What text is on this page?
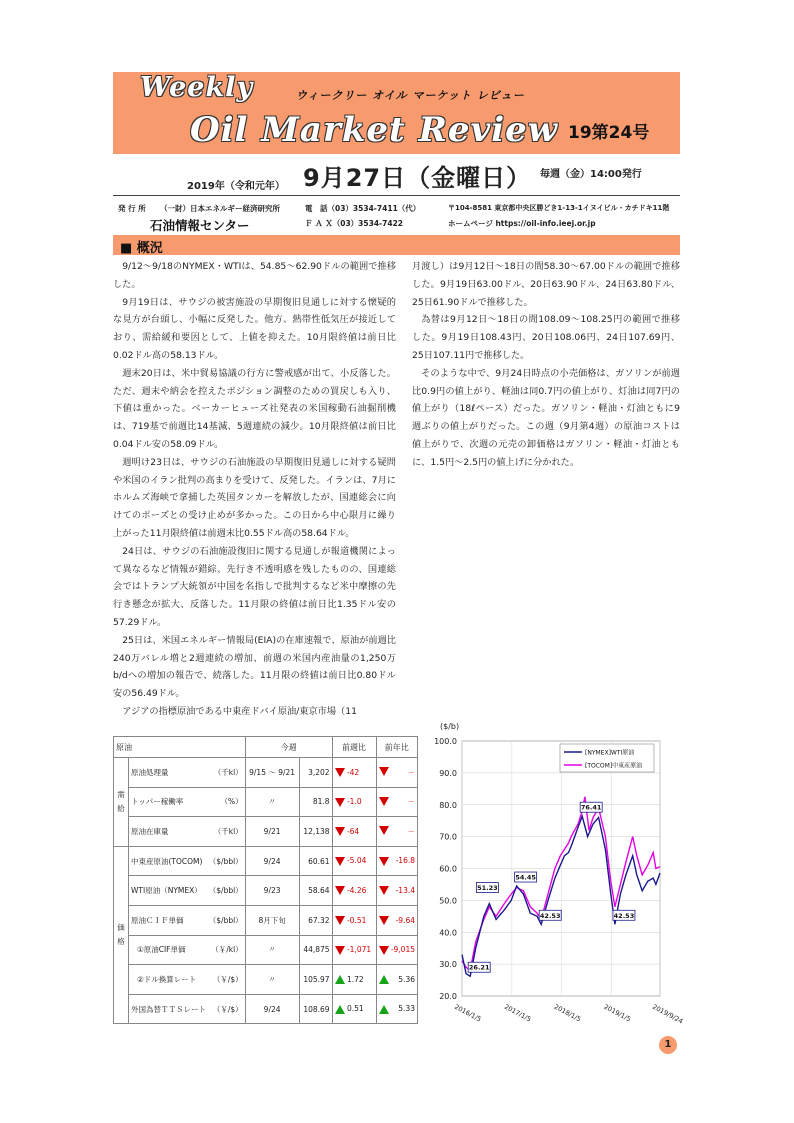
Weekly	ウィークリー オイル マーケット レビュー
Oil Market Review 19第24号
2019年（令和元年） 9月27日（金曜日） 毎週（金）14:00発行
発 行 所 （一財）日本エネルギー経済研究所
石油情報センター
電　話（03）3534-7411（代）
Ｆ Ａ Ｘ（03）3534-7422
〒104-8581 東京都中央区勝どき1-13-1イヌイビル・カチドキ11階
ホームページ https://oil-info.ieej.or.jp
■ 概況

9/12～9/18のNYMEX・WTIは、54.85～62.90ドルの範囲で推移した。

9月19日は、サウジの被害施設の早期復旧見通しに対する懐疑的な見方が台頭し、小幅に反発した。他方、熱帯性低気圧が接近しており、需給緩和要因として、上値を抑えた。10月限終値は前日比0.02ドル高の58.13ドル。

週末20日は、米中貿易協議の行方に警戒感が出て、小反落した。ただ、週末や納会を控えたポジション調整のための買戻しも入り、下値は重かった。ベーカーヒューズ社発表の米国稼動石油掘削機は、719基で前週比14基減、5週連続の減少。10月限終値は前日比0.04ドル安の58.09ドル。

週明け23日は、サウジの石油施設の早期復旧見通しに対する疑問や米国のイラン批判の高まりを受けて、反発した。イランは、7月にホルムズ海峡で拿捕した英国タンカーを解放したが、国連総会に向けてのポーズとの受け止めが多かった。この日から中心限月に繰り上がった11月限終値は前週末比0.55ドル高の58.64ドル。

24日は、サウジの石油施設復旧に関する見通しが報道機関によって異なるなど情報が錯綜、先行き不透明感を残したものの、国連総会ではトランプ大統領が中国を名指しで批判するなど米中摩擦の先行き懸念が拡大、反落した。11月限の終値は前日比1.35ドル安の57.29ドル。

25日は、米国エネルギー情報局(EIA)の在庫速報で、原油が前週比240万バレル増と2週連続の増加、前週の米国内産油量の1,250万b/dへの増加の報告で、続落した。11月限の終値は前日比0.80ドル安の56.49ドル。

アジアの指標原油である中東産ドバイ原油/東京市場（11

月渡し）は9月12日～18日の間58.30～67.00ドルの範囲で推移した。9月19日63.00ドル、20日63.90ドル、24日63.80ドル、25日61.90ドルで推移した。

為替は9月12日～18日の間108.09～108.25円の範囲で推移した。9月19日108.43円、20日108.06円、24日107.69円、25日107.11円で推移した。

そのような中で、9月24日時点の小売価格は、ガソリンが前週比0.9円の値上がり、軽油は同0.7円の値上がり、灯油は同7円の値上がり（18ℓペース）だった。ガソリン・軽油・灯油ともに9週ぶりの値上がりだった。この週（9月第4週）の原油コストは値上がりで、次週の元売の卸価格はガソリン・軽油・灯油ともに、1.5円～2.5円の値上げに分かれた。

原油		今週		前週比	前年比
需給	原油処理量 （千kl）	9/15 ～ 9/21	3,202	-42	－

	トッパー稼働率 （%）	〃	81.8	-1.0	－

	原油在庫量 （千kl）	9/21	12,138	-64	－

価格	中東産原油(TOCOM) （$/bbl）	9/24	60.61	-5.04	-16.8

	WTI原油（NYMEX） （$/bbl）	9/23	58.64	-4.26	-13.4

	原油ＣＩＦ単価 （$/bbl）	8月下旬	67.32	-0.51	-9.64

	①原油CIF単価 （￥/kl）	〃	44,875	-1,071	-9,015

	②ドル換算レート （￥/$）	〃	105.97	1.72	5.36

	外国為替ＴＴＳレート （￥/$）	9/24	108.69	0.51	5.33
($/b)
20.0
30.0
40.0
50.0
60.0
70.0
80.0
90.0
100.0
2016/1/5	2017/1/5	2018/1/5	2019/1/5	2019/9/24
26.21
51.23
54.45
42.53
76.41
42.53
[NYMEX]WTI原油
[TOCOM]中東産原油
1
